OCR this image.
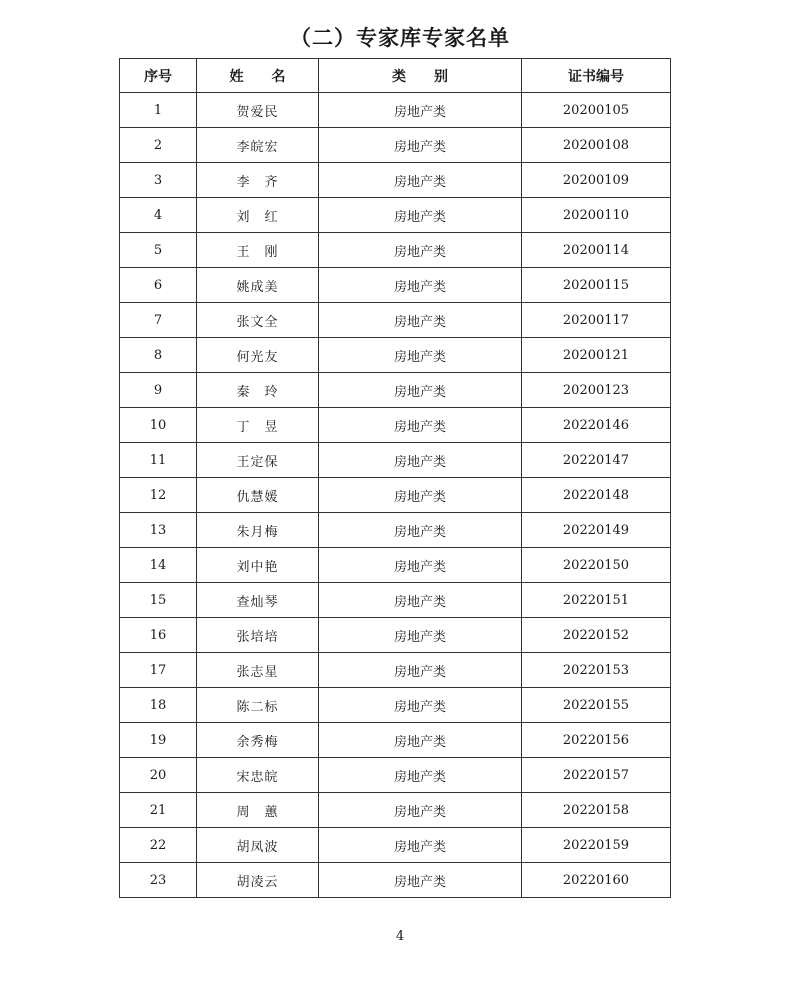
（二）专家库专家名单
序号	姓　　名	类　　别	证书编号
1	贺爱民	房地产类	20200105
2	李皖宏	房地产类	20200108
3	李　齐	房地产类	20200109
4	刘　红	房地产类	20200110
5	王　刚	房地产类	20200114
6	姚成美	房地产类	20200115
7	张文全	房地产类	20200117
8	何光友	房地产类	20200121
9	秦　玲	房地产类	20200123
10	丁　昱	房地产类	20220146
11	王定保	房地产类	20220147
12	仇慧媛	房地产类	20220148
13	朱月梅	房地产类	20220149
14	刘中艳	房地产类	20220150
15	查灿琴	房地产类	20220151
16	张培培	房地产类	20220152
17	张志星	房地产类	20220153
18	陈二标	房地产类	20220155
19	余秀梅	房地产类	20220156
20	宋忠皖	房地产类	20220157
21	周　蕙	房地产类	20220158
22	胡凤波	房地产类	20220159
23	胡凌云	房地产类	20220160
4
